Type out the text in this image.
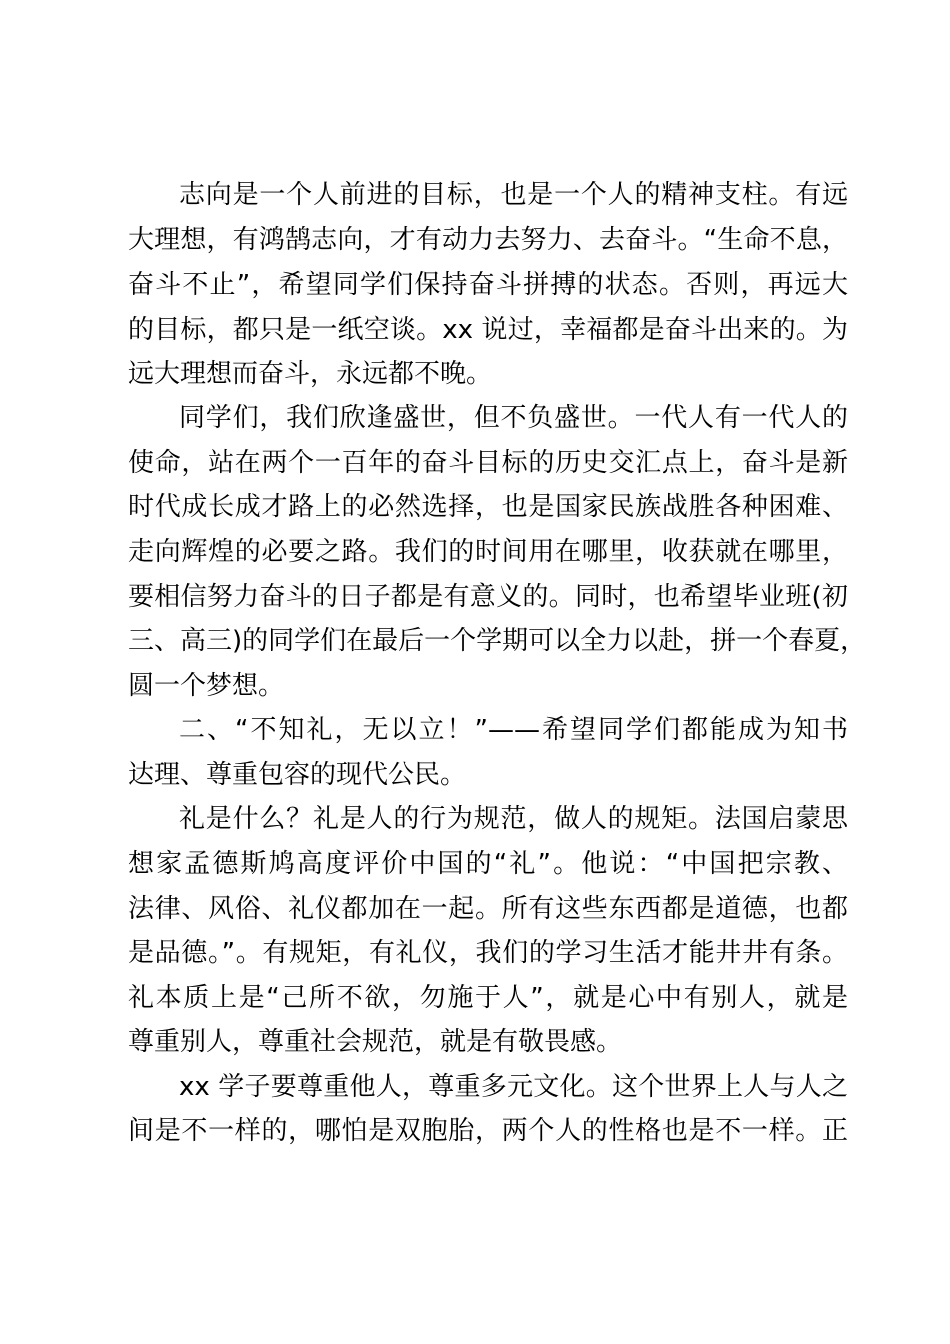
志向是一个人前进的目标，也是一个人的精神支柱。有远
大理想，有鸿鹄志向，才有动力去努力、去奋斗。“生命不息，
奋斗不止”，希望同学们保持奋斗拼搏的状态。否则，再远大
的目标，都只是一纸空谈。xx 说过，幸福都是奋斗出来的。为
远大理想而奋斗，永远都不晚。
同学们，我们欣逢盛世，但不负盛世。一代人有一代人的
使命，站在两个一百年的奋斗目标的历史交汇点上，奋斗是新
时代成长成才路上的必然选择，也是国家民族战胜各种困难、
走向辉煌的必要之路。我们的时间用在哪里，收获就在哪里，
要相信努力奋斗的日子都是有意义的。同时，也希望毕业班(初
三、高三)的同学们在最后一个学期可以全力以赴，拼一个春夏，
圆一个梦想。
二、“不知礼，无以立！”——希望同学们都能成为知书
达理、尊重包容的现代公民。
礼是什么？礼是人的行为规范，做人的规矩。法国启蒙思
想家孟德斯鸠高度评价中国的“礼”。他说：“中国把宗教、
法律、风俗、礼仪都加在一起。所有这些东西都是道德，也都
是品德。”。有规矩，有礼仪，我们的学习生活才能井井有条。
礼本质上是“己所不欲，勿施于人”，就是心中有别人，就是
尊重别人，尊重社会规范，就是有敬畏感。
xx 学子要尊重他人，尊重多元文化。这个世界上人与人之
间是不一样的，哪怕是双胞胎，两个人的性格也是不一样。正
